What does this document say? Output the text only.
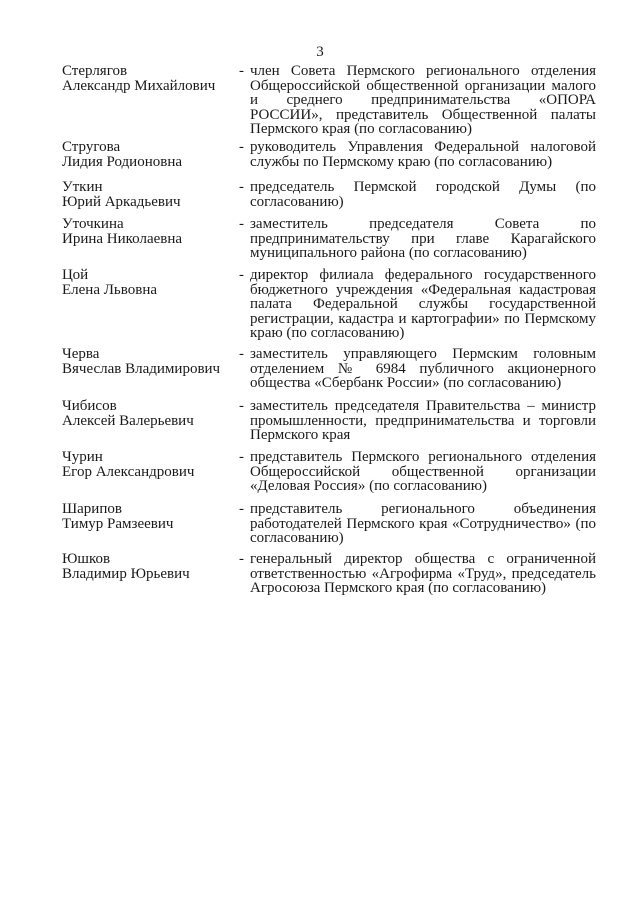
3
Стерлягов
Александр Михайлович
- член Совета Пермского регионального отделения Общероссийской общественной организации малого и среднего предпринимательства «ОПОРА РОССИИ», представитель Общественной палаты Пермского края (по согласованию)
Стругова
Лидия Родионовна
- руководитель Управления Федеральной налоговой службы по Пермскому краю (по согласованию)
Уткин
Юрий Аркадьевич
- председатель Пермской городской Думы (по согласованию)
Уточкина
Ирина Николаевна
- заместитель председателя Совета по предпринимательству при главе Карагайского муниципального района (по согласованию)
Цой
Елена Львовна
- директор филиала федерального государственного бюджетного учреждения «Федеральная кадастровая палата Федеральной службы государственной регистрации, кадастра и картографии» по Пермскому краю (по согласованию)
Черва
Вячеслав Владимирович
- заместитель управляющего Пермским головным отделением № 6984 публичного акционерного общества «Сбербанк России» (по согласованию)
Чибисов
Алексей Валерьевич
- заместитель председателя Правительства – министр промышленности, предпринимательства и торговли Пермского края
Чурин
Егор Александрович
- представитель Пермского регионального отделения Общероссийской общественной организации «Деловая Россия» (по согласованию)
Шарипов
Тимур Рамзеевич
- представитель регионального объединения работодателей Пермского края «Сотрудничество» (по согласованию)
Юшков
Владимир Юрьевич
- генеральный директор общества с ограниченной ответственностью «Агрофирма «Труд», председатель Агросоюза Пермского края (по согласованию)
